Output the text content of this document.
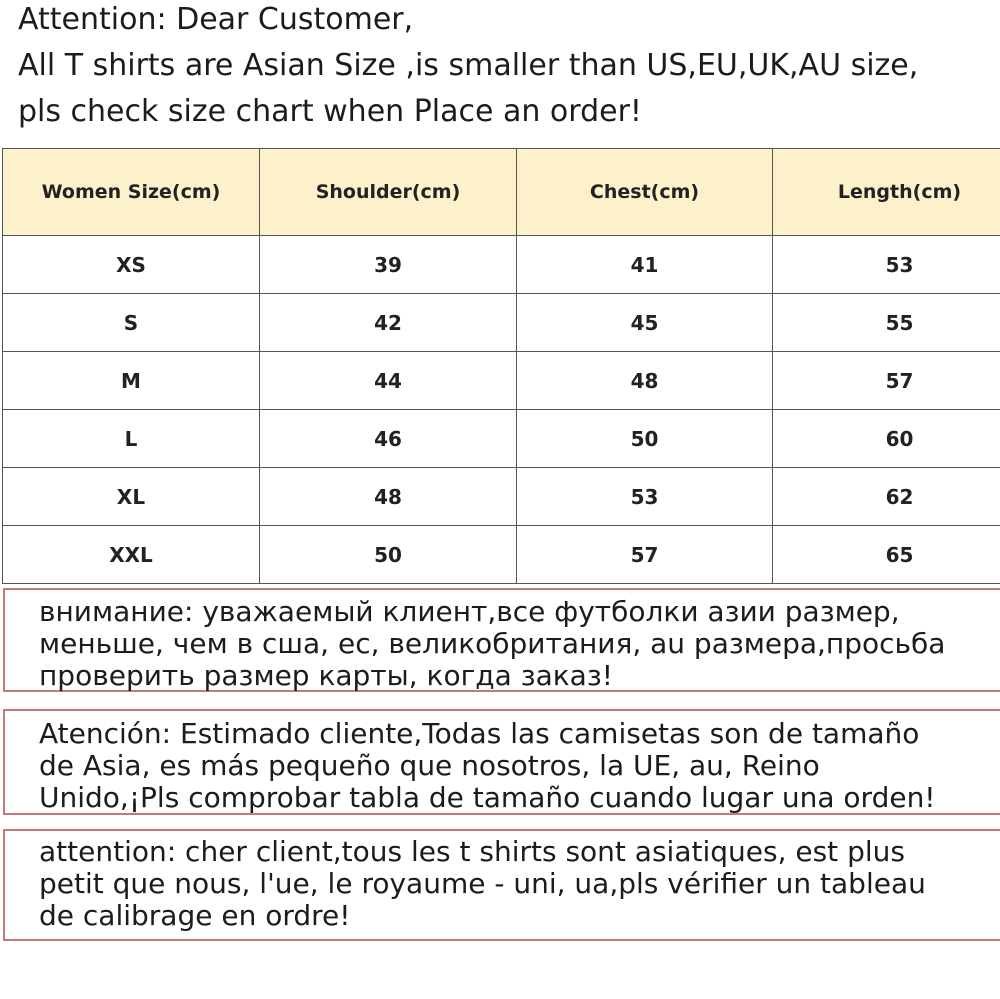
Attention: Dear Customer,
All T shirts are Asian Size ,is smaller than US,EU,UK,AU size,
pls check size chart when Place an order!
Women Size(cm)	Shoulder(cm)	Chest(cm)	Length(cm)
XS	39	41	53
S	42	45	55
M	44	48	57
L	46	50	60
XL	48	53	62
XXL	50	57	65
внимание: уважаемый клиент,все футболки азии размер,
меньше, чем в сша, ес, великобритания, au размера,просьба
проверить размер карты, когда заказ!
Atención: Estimado cliente,Todas las camisetas son de tamaño
de Asia, es más pequeño que nosotros, la UE, au, Reino
Unido,¡Pls comprobar tabla de tamaño cuando lugar una orden!
attention: cher client,tous les t shirts sont asiatiques, est plus
petit que nous, l'ue, le royaume - uni, ua,pls vérifier un tableau
de calibrage en ordre!
